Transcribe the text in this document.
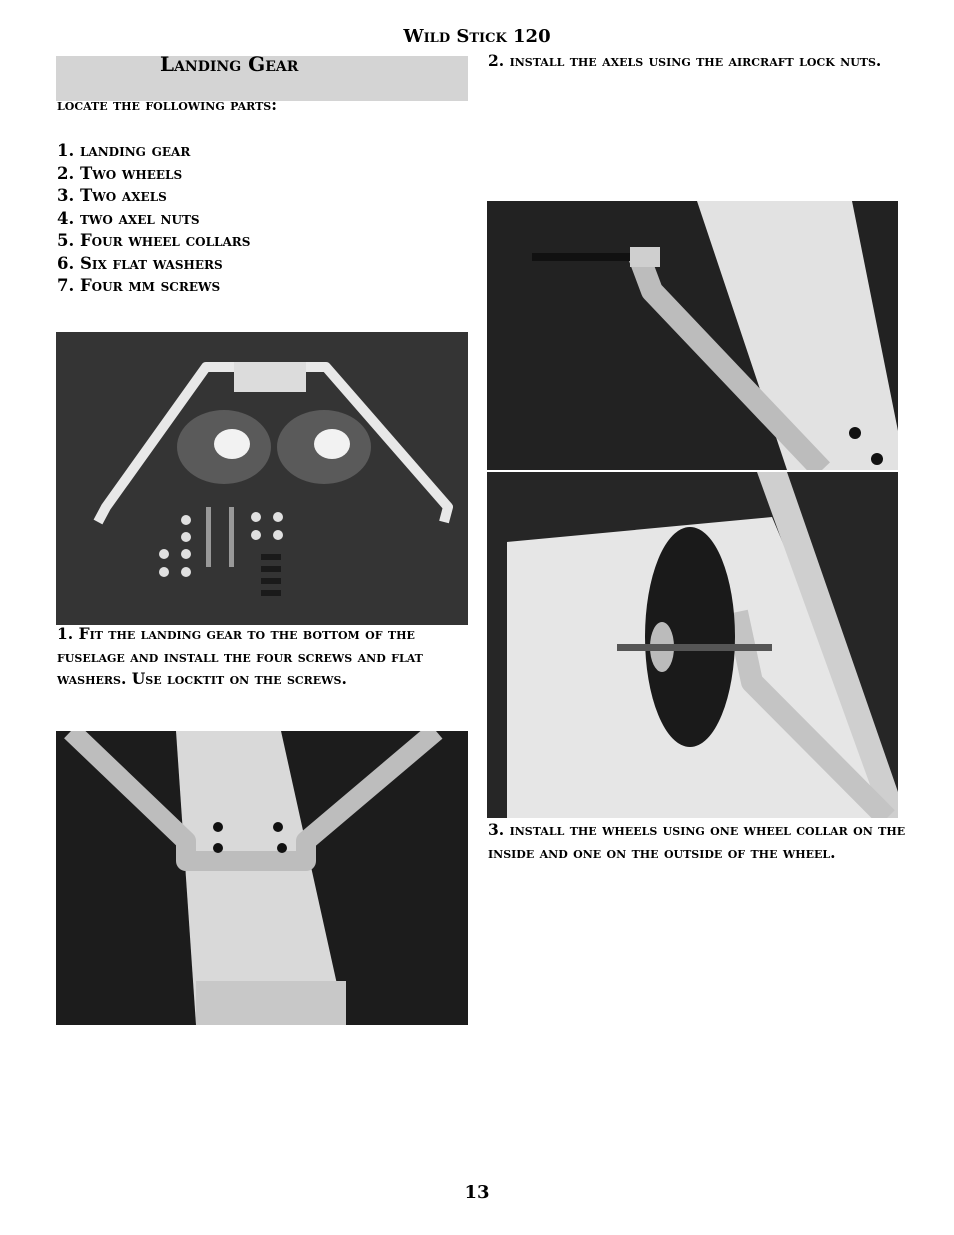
Wild Stick 120
Landing Gear
locate the following parts:
1. landing gear
2. Two wheels
3. Two axels
4. two axel nuts
5. Four wheel collars
6. Six flat washers
7. Four mm screws
1. Fit the landing gear to the bottom of the fuselage and install the four screws and flat washers. Use locktit on the screws.
2. install the axels using the aircraft lock nuts.
3. install the wheels using one wheel collar on the inside and one on the outside of the wheel.
13
